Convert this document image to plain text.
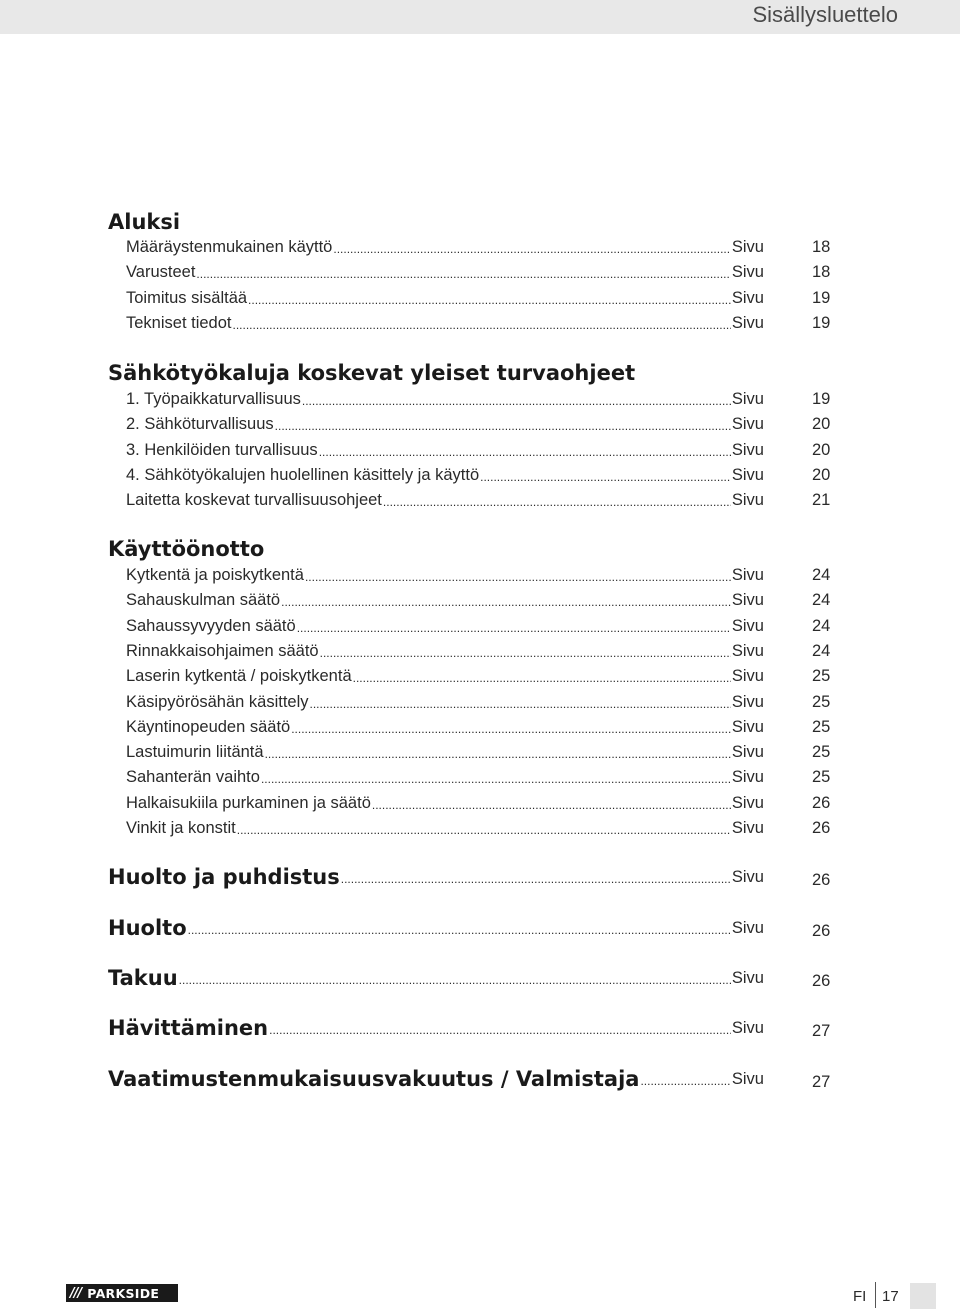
Sisällysluettelo
Aluksi
Määräystenmukainen käyttö .....	Sivu	18
Varusteet .....	Sivu	18
Toimitus sisältää .....	Sivu	19
Tekniset tiedot .....	Sivu	19
Sähkötyökaluja koskevat yleiset turvaohjeet
1. Työpaikkaturvallisuus .....	Sivu	19
2. Sähköturvallisuus .....	Sivu	20
3. Henkilöiden turvallisuus .....	Sivu	20
4. Sähkötyökalujen huolellinen käsittely ja käyttö .....	Sivu	20
Laitetta koskevat turvallisuusohjeet .....	Sivu	21
Käyttöönotto
Kytkentä ja poiskytkentä .....	Sivu	24
Sahauskulman säätö .....	Sivu	24
Sahaussyvyyden säätö .....	Sivu	24
Rinnakkaisohjaimen säätö .....	Sivu	24
Laserin kytkentä / poiskytkentä .....	Sivu	25
Käsipyörösähän käsittely .....	Sivu	25
Käyntinopeuden säätö .....	Sivu	25
Lastuimurin liitäntä .....	Sivu	25
Sahanterän vaihto .....	Sivu	25
Halkaisukiila purkaminen ja säätö .....	Sivu	26
Vinkit ja konstit .....	Sivu	26
Huolto ja puhdistus .....	Sivu	26
Huolto .....	Sivu	26
Takuu .....	Sivu	26
Hävittäminen .....	Sivu	27
Vaatimustenmukaisuusvakuutus / Valmistaja .....	Sivu	27
/// PARKSIDE	FI 17
